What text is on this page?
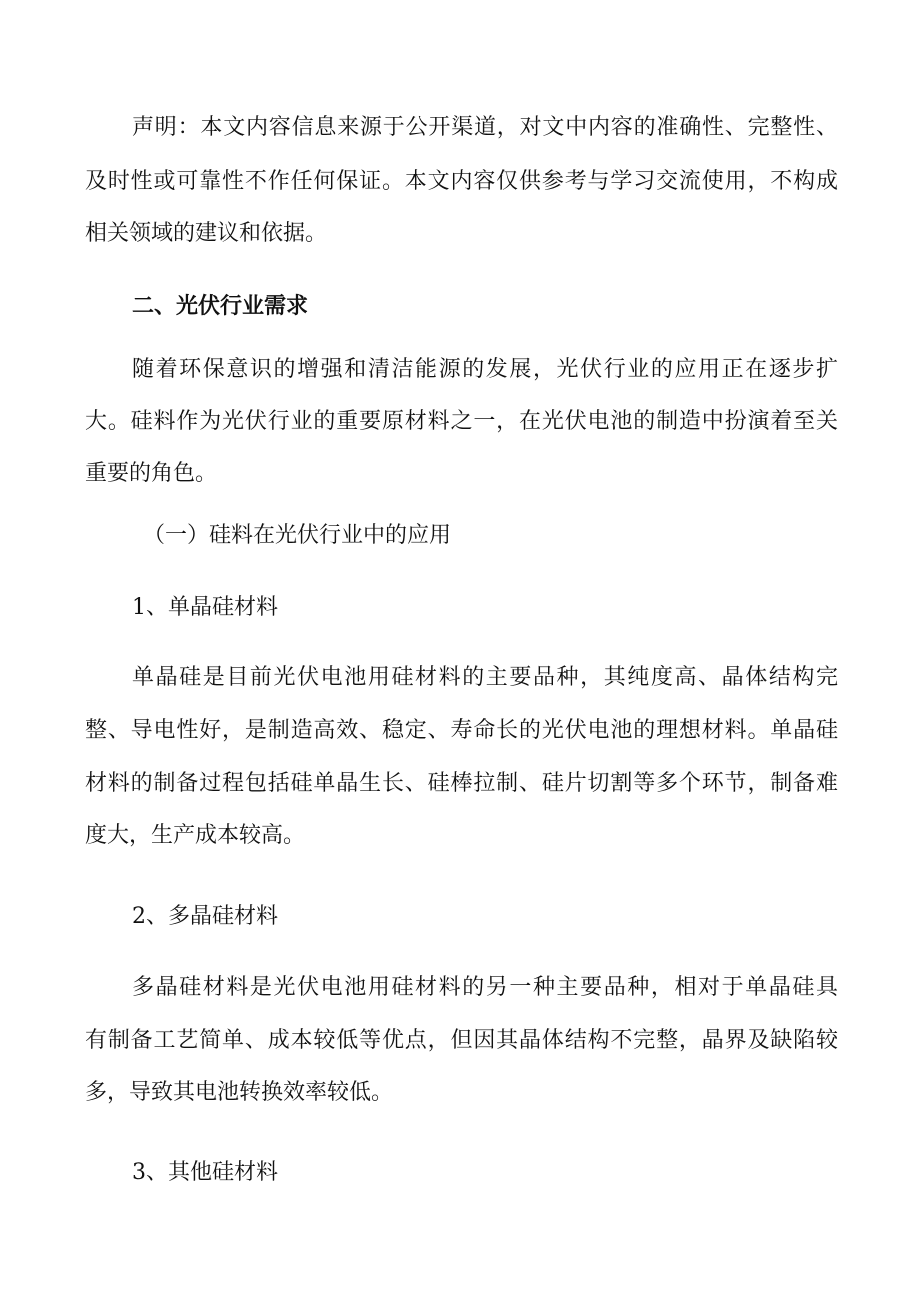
声明：本文内容信息来源于公开渠道，对文中内容的准确性、完整性、
及时性或可靠性不作任何保证。本文内容仅供参考与学习交流使用，不构成
相关领域的建议和依据。
二、光伏行业需求
随着环保意识的增强和清洁能源的发展，光伏行业的应用正在逐步扩
大。硅料作为光伏行业的重要原材料之一，在光伏电池的制造中扮演着至关
重要的角色。
（一）硅料在光伏行业中的应用
1、单晶硅材料
单晶硅是目前光伏电池用硅材料的主要品种，其纯度高、晶体结构完
整、导电性好，是制造高效、稳定、寿命长的光伏电池的理想材料。单晶硅
材料的制备过程包括硅单晶生长、硅棒拉制、硅片切割等多个环节，制备难
度大，生产成本较高。
2、多晶硅材料
多晶硅材料是光伏电池用硅材料的另一种主要品种，相对于单晶硅具
有制备工艺简单、成本较低等优点，但因其晶体结构不完整，晶界及缺陷较
多，导致其电池转换效率较低。
3、其他硅材料
